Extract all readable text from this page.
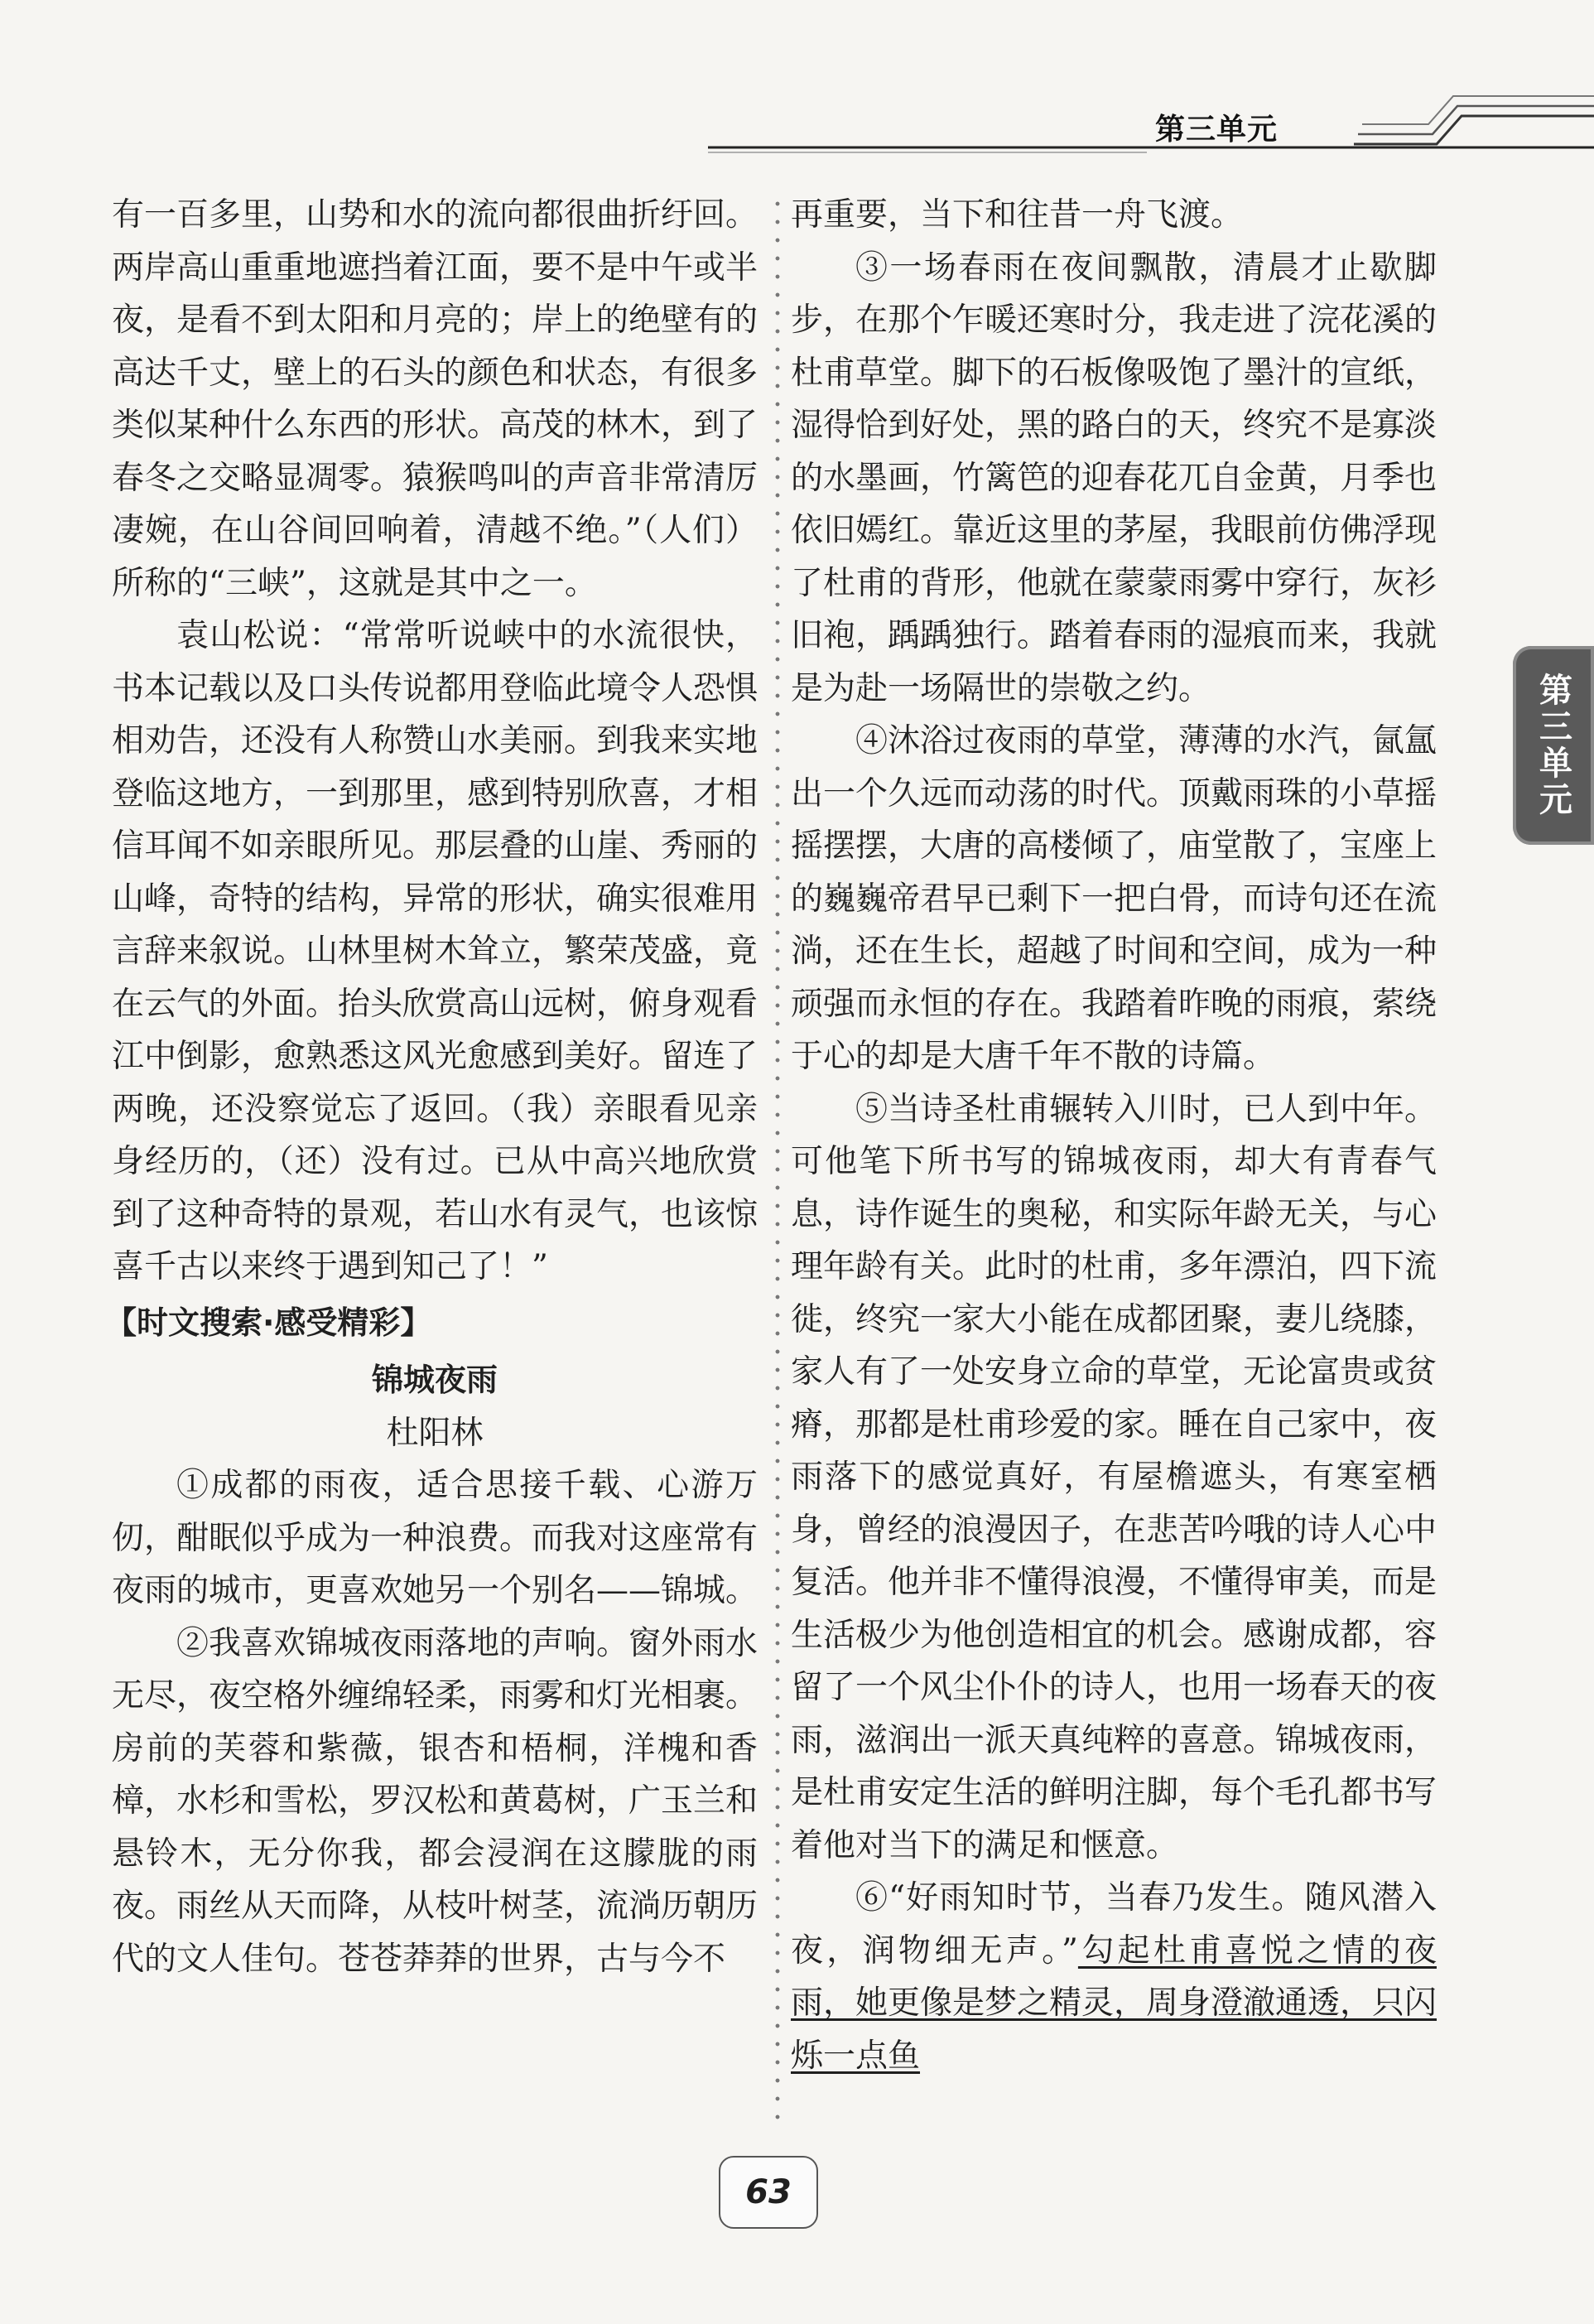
第三单元
第三单元

有一百多里，山势和水的流向都很曲折纡回。两岸高山重重地遮挡着江面，要不是中午或半夜，是看不到太阳和月亮的；岸上的绝壁有的高达千丈，壁上的石头的颜色和状态，有很多类似某种什么东西的形状。高茂的林木，到了春冬之交略显凋零。猿猴鸣叫的声音非常清厉凄婉，在山谷间回响着，清越不绝。”（人们）所称的“三峡”，这就是其中之一。

袁山松说：“常常听说峡中的水流很快，书本记载以及口头传说都用登临此境令人恐惧相劝告，还没有人称赞山水美丽。到我来实地登临这地方，一到那里，感到特别欣喜，才相信耳闻不如亲眼所见。那层叠的山崖、秀丽的山峰，奇特的结构，异常的形状，确实很难用言辞来叙说。山林里树木耸立，繁荣茂盛，竟在云气的外面。抬头欣赏高山远树，俯身观看江中倒影，愈熟悉这风光愈感到美好。留连了两晚，还没察觉忘了返回。（我）亲眼看见亲身经历的，（还）没有过。已从中高兴地欣赏到了这种奇特的景观，若山水有灵气，也该惊喜千古以来终于遇到知己了！”

【时文搜索·感受精彩】

锦城夜雨

杜阳林

①成都的雨夜，适合思接千载、心游万仞，酣眠似乎成为一种浪费。而我对这座常有夜雨的城市，更喜欢她另一个别名——锦城。

②我喜欢锦城夜雨落地的声响。窗外雨水无尽，夜空格外缠绵轻柔，雨雾和灯光相裹。房前的芙蓉和紫薇，银杏和梧桐，洋槐和香樟，水杉和雪松，罗汉松和黄葛树，广玉兰和悬铃木，无分你我，都会浸润在这朦胧的雨夜。雨丝从天而降，从枝叶树茎，流淌历朝历代的文人佳句。苍苍莽莽的世界，古与今不

再重要，当下和往昔一舟飞渡。

③一场春雨在夜间飘散，清晨才止歇脚步，在那个乍暖还寒时分，我走进了浣花溪的杜甫草堂。脚下的石板像吸饱了墨汁的宣纸，湿得恰到好处，黑的路白的天，终究不是寡淡的水墨画，竹篱笆的迎春花兀自金黄，月季也依旧嫣红。靠近这里的茅屋，我眼前仿佛浮现了杜甫的背形，他就在蒙蒙雨雾中穿行，灰衫旧袍，踽踽独行。踏着春雨的湿痕而来，我就是为赴一场隔世的崇敬之约。

④沐浴过夜雨的草堂，薄薄的水汽，氤氲出一个久远而动荡的时代。顶戴雨珠的小草摇摇摆摆，大唐的高楼倾了，庙堂散了，宝座上的巍巍帝君早已剩下一把白骨，而诗句还在流淌，还在生长，超越了时间和空间，成为一种顽强而永恒的存在。我踏着昨晚的雨痕，萦绕于心的却是大唐千年不散的诗篇。

⑤当诗圣杜甫辗转入川时，已人到中年。可他笔下所书写的锦城夜雨，却大有青春气息，诗作诞生的奥秘，和实际年龄无关，与心理年龄有关。此时的杜甫，多年漂泊，四下流徙，终究一家大小能在成都团聚，妻儿绕膝，家人有了一处安身立命的草堂，无论富贵或贫瘠，那都是杜甫珍爱的家。睡在自己家中，夜雨落下的感觉真好，有屋檐遮头，有寒室栖身，曾经的浪漫因子，在悲苦吟哦的诗人心中复活。他并非不懂得浪漫，不懂得审美，而是生活极少为他创造相宜的机会。感谢成都，容留了一个风尘仆仆的诗人，也用一场春天的夜雨，滋润出一派天真纯粹的喜意。锦城夜雨，是杜甫安定生活的鲜明注脚，每个毛孔都书写着他对当下的满足和惬意。

⑥“好雨知时节，当春乃发生。随风潜入夜，润物细无声。”勾起杜甫喜悦之情的夜雨，她更像是梦之精灵，周身澄澈通透，只闪烁一点鱼

63
